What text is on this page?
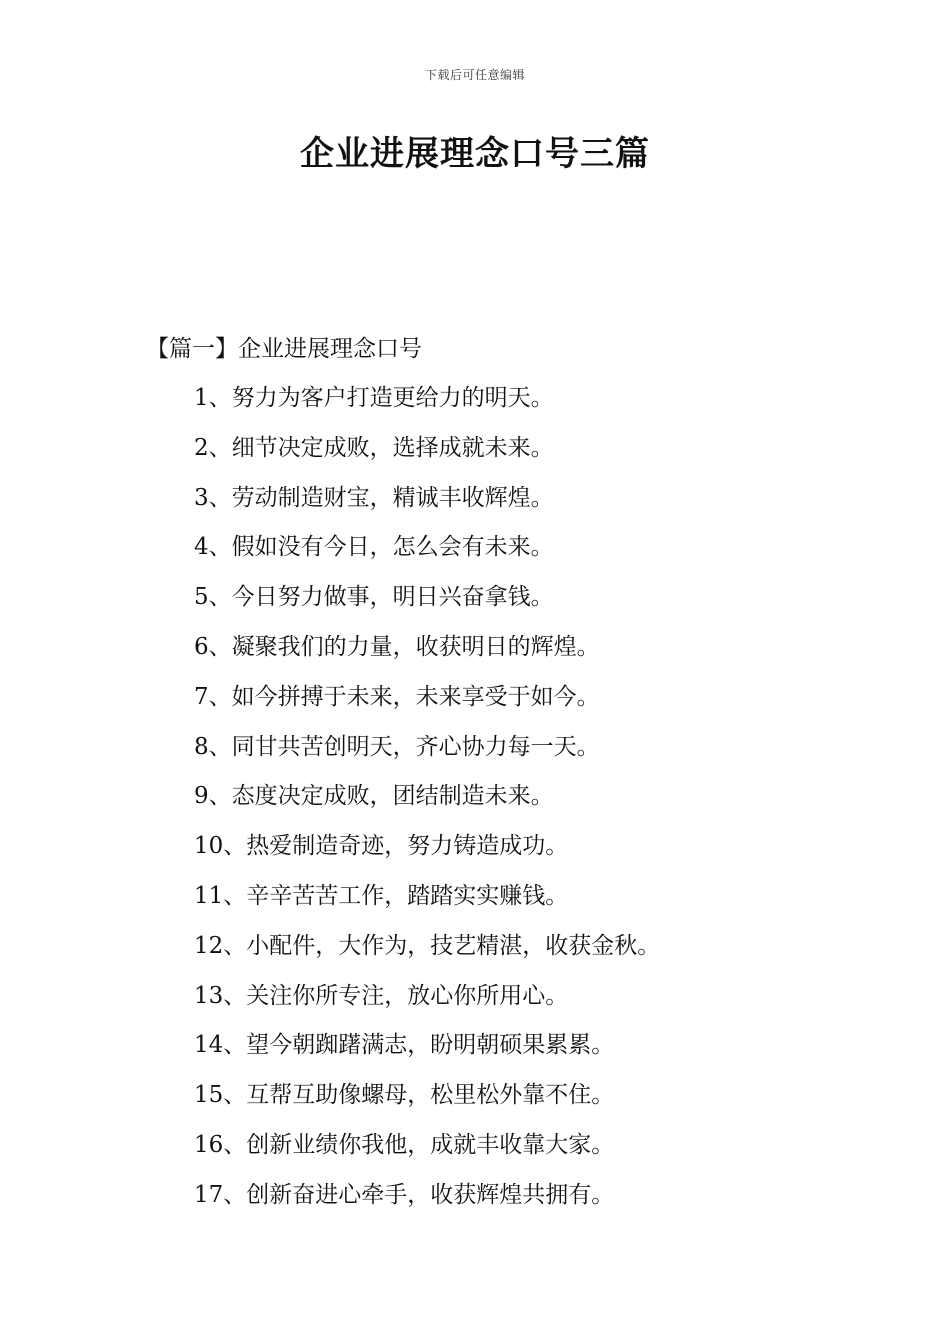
下载后可任意编辑
企业进展理念口号三篇
【篇一】企业进展理念口号
1、努力为客户打造更给力的明天。
2、细节决定成败，选择成就未来。
3、劳动制造财宝，精诚丰收辉煌。
4、假如没有今日，怎么会有未来。
5、今日努力做事，明日兴奋拿钱。
6、凝聚我们的力量，收获明日的辉煌。
7、如今拼搏于未来，未来享受于如今。
8、同甘共苦创明天，齐心协力每一天。
9、态度决定成败，团结制造未来。
10、热爱制造奇迹，努力铸造成功。
11、辛辛苦苦工作，踏踏实实赚钱。
12、小配件，大作为，技艺精湛，收获金秋。
13、关注你所专注，放心你所用心。
14、望今朝踟躇满志，盼明朝硕果累累。
15、互帮互助像螺母，松里松外靠不住。
16、创新业绩你我他，成就丰收靠大家。
17、创新奋进心牵手，收获辉煌共拥有。
